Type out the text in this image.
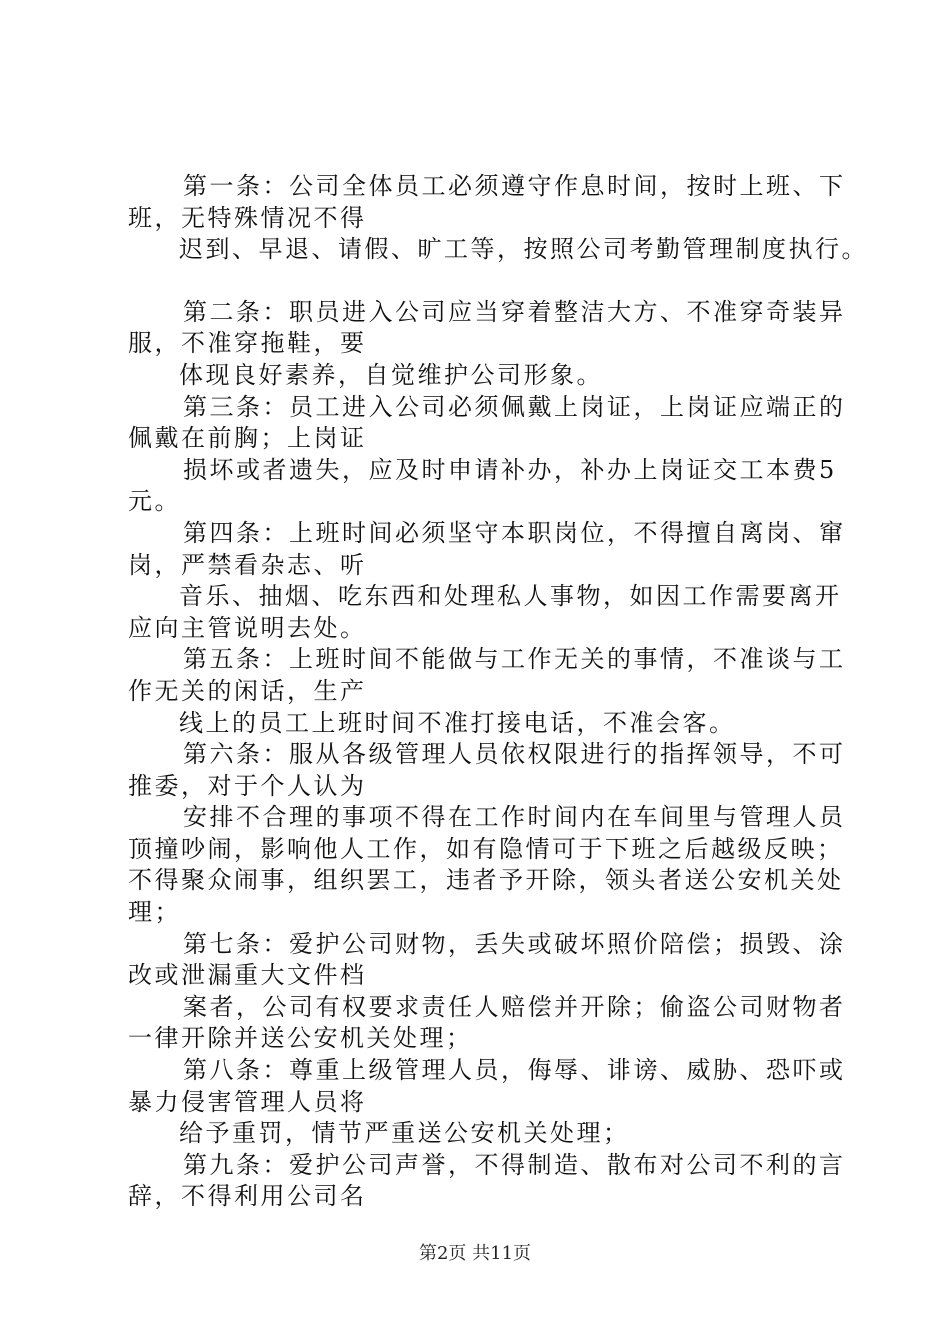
第一条：公司全体员工必须遵守作息时间，按时上班、下

班，无特殊情况不得

迟到、早退、请假、旷工等，按照公司考勤管理制度执行。

第二条：职员进入公司应当穿着整洁大方、不准穿奇装异

服，不准穿拖鞋，要

体现良好素养，自觉维护公司形象。

第三条：员工进入公司必须佩戴上岗证，上岗证应端正的

佩戴在前胸；上岗证

损坏或者遗失，应及时申请补办，补办上岗证交工本费5

元。

第四条：上班时间必须坚守本职岗位，不得擅自离岗、窜

岗，严禁看杂志、听

音乐、抽烟、吃东西和处理私人事物，如因工作需要离开

应向主管说明去处。

第五条：上班时间不能做与工作无关的事情，不准谈与工

作无关的闲话，生产

线上的员工上班时间不准打接电话，不准会客。

第六条：服从各级管理人员依权限进行的指挥领导，不可

推委，对于个人认为

安排不合理的事项不得在工作时间内在车间里与管理人员

顶撞吵闹，影响他人工作，如有隐情可于下班之后越级反映；

不得聚众闹事，组织罢工，违者予开除，领头者送公安机关处

理；

第七条：爱护公司财物，丢失或破坏照价陪偿；损毁、涂

改或泄漏重大文件档

案者，公司有权要求责任人赔偿并开除；偷盗公司财物者

一律开除并送公安机关处理；

第八条：尊重上级管理人员，侮辱、诽谤、威胁、恐吓或

暴力侵害管理人员将

给予重罚，情节严重送公安机关处理；

第九条：爱护公司声誉，不得制造、散布对公司不利的言

辞，不得利用公司名

第2页 共11页
